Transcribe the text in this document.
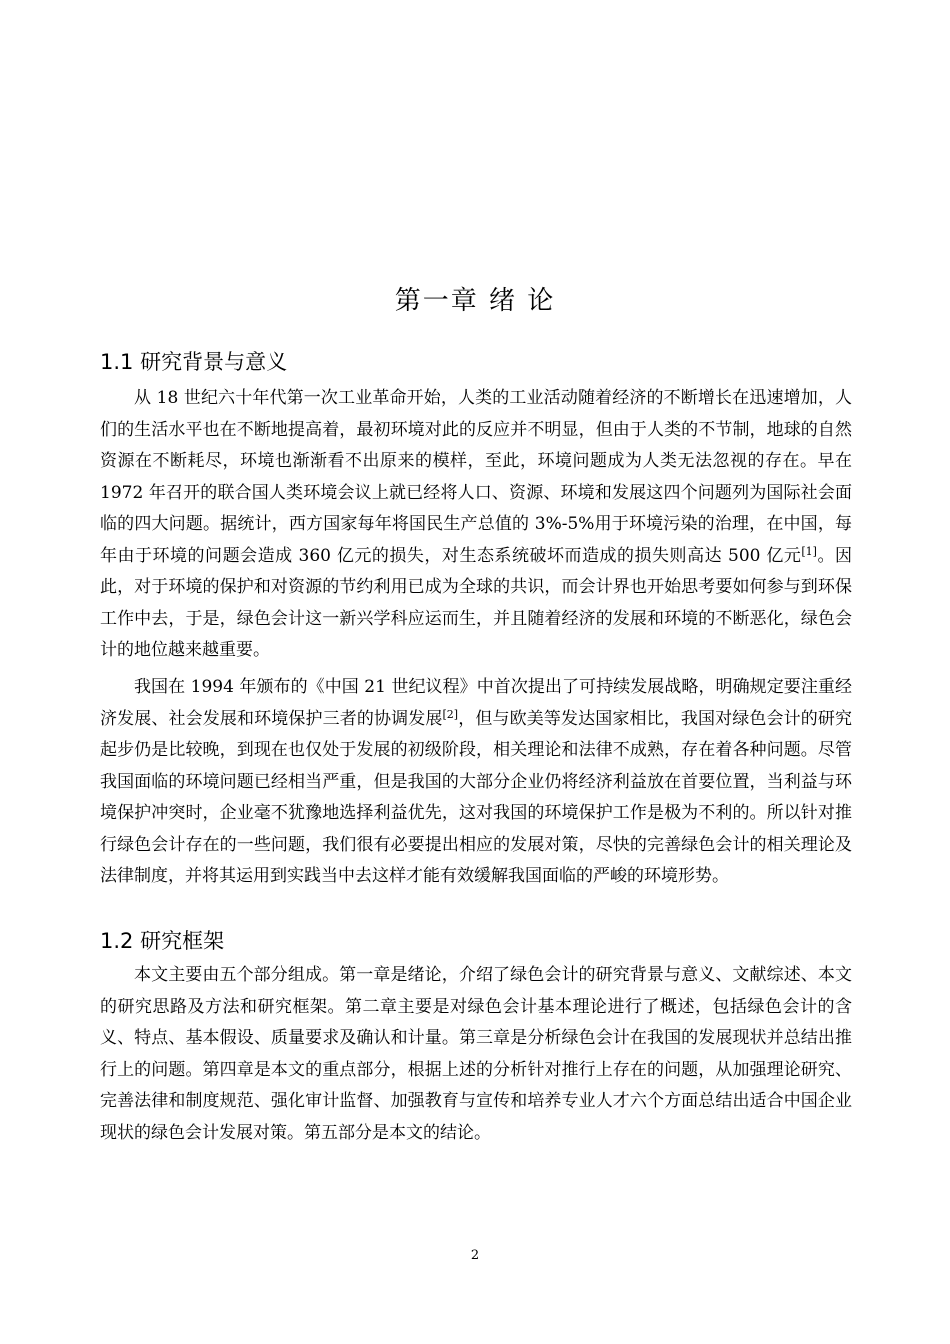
第一章 绪 论
1.1 研究背景与意义

从 18 世纪六十年代第一次工业革命开始，人类的工业活动随着经济的不断增长在迅速增加，人们的生活水平也在不断地提高着，最初环境对此的反应并不明显，但由于人类的不节制，地球的自然资源在不断耗尽，环境也渐渐看不出原来的模样，至此，环境问题成为人类无法忽视的存在。早在 1972 年召开的联合国人类环境会议上就已经将人口、资源、环境和发展这四个问题列为国际社会面临的四大问题。据统计，西方国家每年将国民生产总值的 3%-5%用于环境污染的治理，在中国，每年由于环境的问题会造成 360 亿元的损失，对生态系统破坏而造成的损失则高达 500 亿元[1]。因此，对于环境的保护和对资源的节约利用已成为全球的共识，而会计界也开始思考要如何参与到环保工作中去，于是，绿色会计这一新兴学科应运而生，并且随着经济的发展和环境的不断恶化，绿色会计的地位越来越重要。

我国在 1994 年颁布的《中国 21 世纪议程》中首次提出了可持续发展战略，明确规定要注重经济发展、社会发展和环境保护三者的协调发展[2]，但与欧美等发达国家相比，我国对绿色会计的研究起步仍是比较晚，到现在也仅处于发展的初级阶段，相关理论和法律不成熟，存在着各种问题。尽管我国面临的环境问题已经相当严重，但是我国的大部分企业仍将经济利益放在首要位置，当利益与环境保护冲突时，企业毫不犹豫地选择利益优先，这对我国的环境保护工作是极为不利的。所以针对推行绿色会计存在的一些问题，我们很有必要提出相应的发展对策，尽快的完善绿色会计的相关理论及法律制度，并将其运用到实践当中去这样才能有效缓解我国面临的严峻的环境形势。

1.2 研究框架

本文主要由五个部分组成。第一章是绪论，介绍了绿色会计的研究背景与意义、文献综述、本文的研究思路及方法和研究框架。第二章主要是对绿色会计基本理论进行了概述，包括绿色会计的含义、特点、基本假设、质量要求及确认和计量。第三章是分析绿色会计在我国的发展现状并总结出推行上的问题。第四章是本文的重点部分，根据上述的分析针对推行上存在的问题，从加强理论研究、完善法律和制度规范、强化审计监督、加强教育与宣传和培养专业人才六个方面总结出适合中国企业现状的绿色会计发展对策。第五部分是本文的结论。

2
